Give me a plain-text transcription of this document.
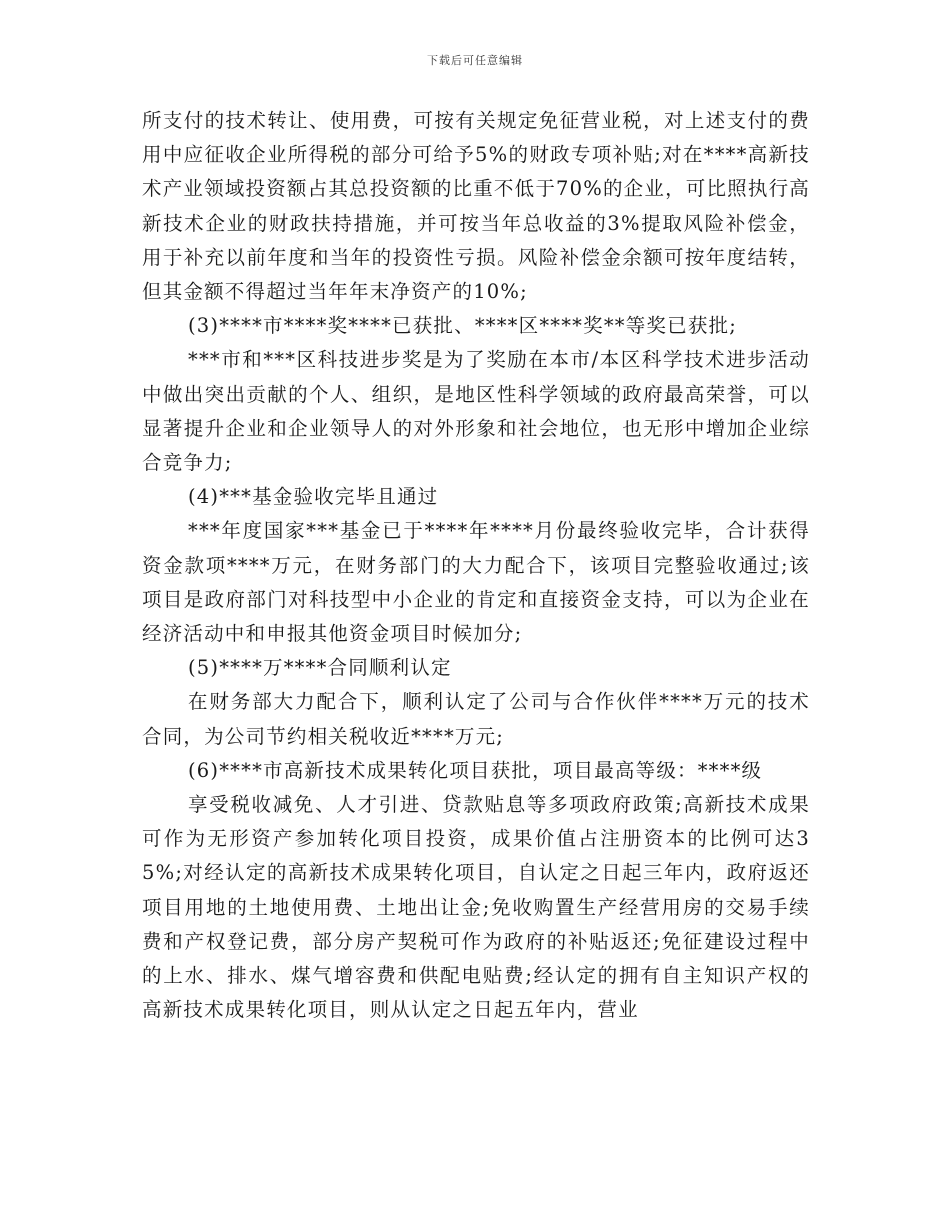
下载后可任意编辑

所支付的技术转让、使用费，可按有关规定免征营业税，对上述支付的费用中应征收企业所得税的部分可给予5%的财政专项补贴;对在****高新技术产业领域投资额占其总投资额的比重不低于70%的企业，可比照执行高新技术企业的财政扶持措施，并可按当年总收益的3%提取风险补偿金，用于补充以前年度和当年的投资性亏损。风险补偿金余额可按年度结转，但其金额不得超过当年年末净资产的10%;

(3)****市****奖****已获批、****区****奖**等奖已获批;

***市和***区科技进步奖是为了奖励在本市/本区科学技术进步活动中做出突出贡献的个人、组织，是地区性科学领域的政府最高荣誉，可以显著提升企业和企业领导人的对外形象和社会地位，也无形中增加企业综合竞争力;

(4)***基金验收完毕且通过

***年度国家***基金已于****年****月份最终验收完毕，合计获得资金款项****万元，在财务部门的大力配合下，该项目完整验收通过;该项目是政府部门对科技型中小企业的肯定和直接资金支持，可以为企业在经济活动中和申报其他资金项目时候加分;

(5)****万****合同顺利认定

在财务部大力配合下，顺利认定了公司与合作伙伴****万元的技术合同，为公司节约相关税收近****万元;

(6)****市高新技术成果转化项目获批，项目最高等级：****级

享受税收减免、人才引进、贷款贴息等多项政府政策;高新技术成果可作为无形资产参加转化项目投资，成果价值占注册资本的比例可达35%;对经认定的高新技术成果转化项目，自认定之日起三年内，政府返还项目用地的土地使用费、土地出让金;免收购置生产经营用房的交易手续费和产权登记费，部分房产契税可作为政府的补贴返还;免征建设过程中的上水、排水、煤气增容费和供配电贴费;经认定的拥有自主知识产权的高新技术成果转化项目，则从认定之日起五年内，营业
